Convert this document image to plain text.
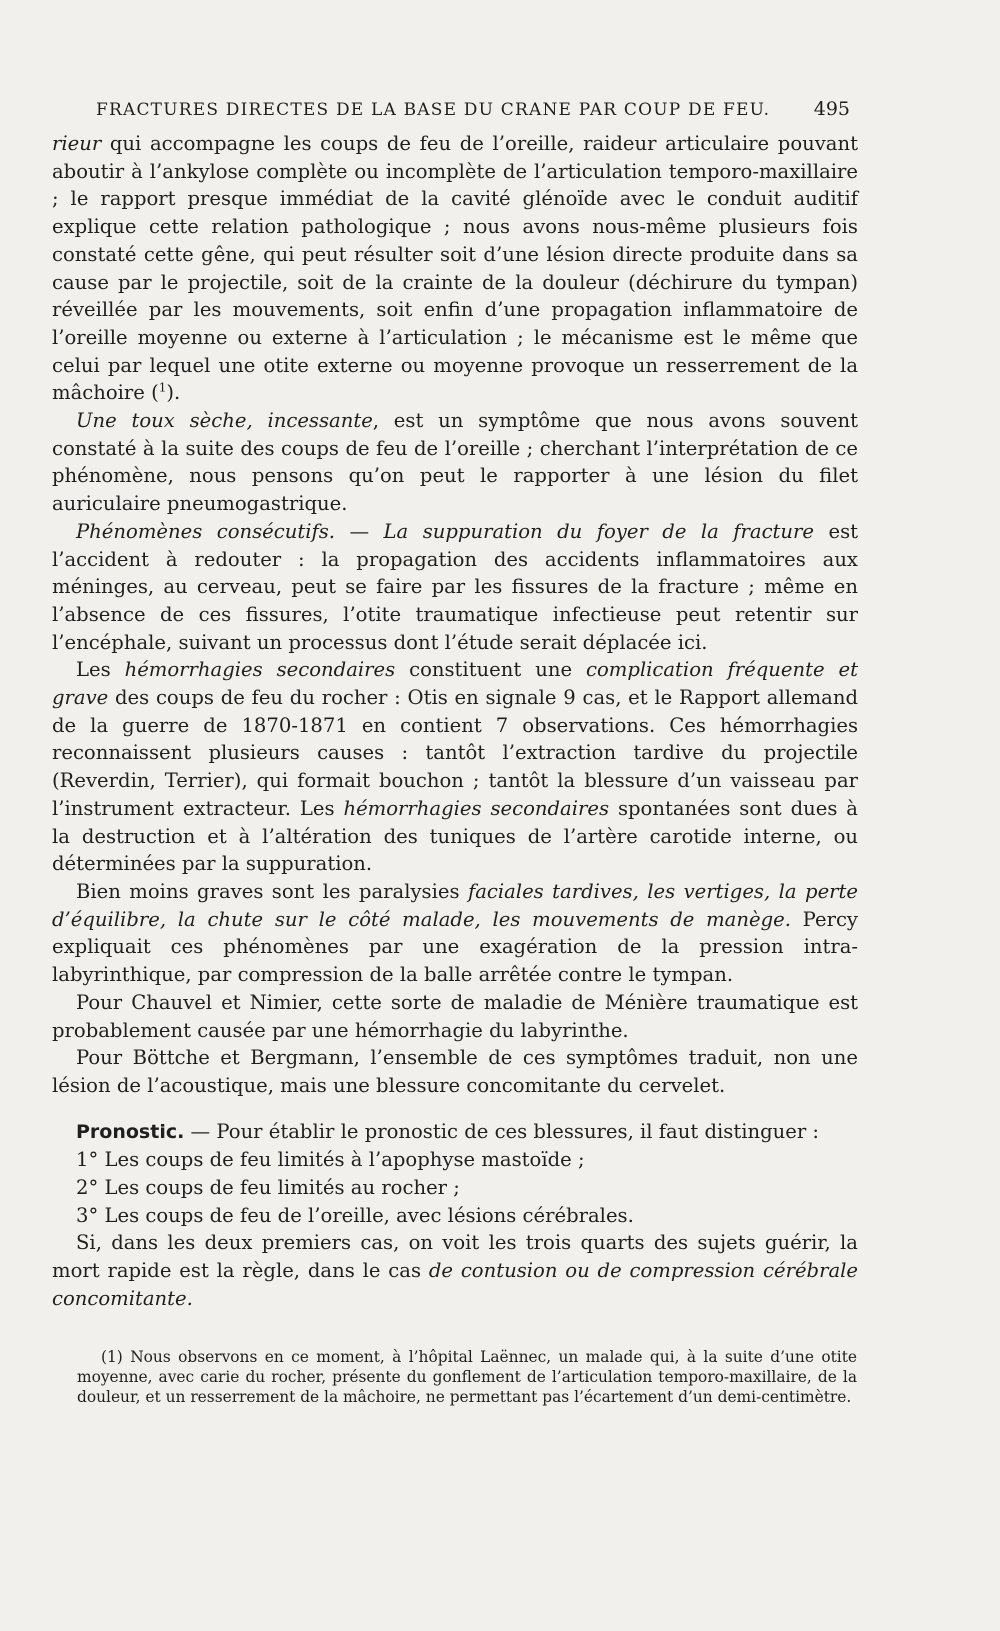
FRACTURES DIRECTES DE LA BASE DU CRANE PAR COUP DE FEU. 495

rieur qui accompagne les coups de feu de l’oreille, raideur articulaire pouvant aboutir à l’ankylose complète ou incomplète de l’articulation temporo-maxillaire ; le rapport presque immédiat de la cavité glénoïde avec le conduit auditif explique cette relation pathologique ; nous avons nous-même plusieurs fois constaté cette gêne, qui peut résulter soit d’une lésion directe produite dans sa cause par le projectile, soit de la crainte de la douleur (déchirure du tympan) réveillée par les mouvements, soit enfin d’une propagation inflammatoire de l’oreille moyenne ou externe à l’articulation ; le mécanisme est le même que celui par lequel une otite externe ou moyenne provoque un resserrement de la mâchoire ($^1$).

Une toux sèche, incessante, est un symptôme que nous avons souvent constaté à la suite des coups de feu de l’oreille ; cherchant l’interprétation de ce phénomène, nous pensons qu’on peut le rapporter à une lésion du filet auriculaire pneumogastrique.

Phénomènes consécutifs. — La suppuration du foyer de la fracture est l’accident à redouter : la propagation des accidents inflammatoires aux méninges, au cerveau, peut se faire par les fissures de la fracture ; même en l’absence de ces fissures, l’otite traumatique infectieuse peut retentir sur l’encéphale, suivant un processus dont l’étude serait déplacée ici.

Les hémorrhagies secondaires constituent une complication fréquente et grave des coups de feu du rocher : Otis en signale 9 cas, et le Rapport allemand de la guerre de 1870-1871 en contient 7 observations. Ces hémorrhagies reconnaissent plusieurs causes : tantôt l’extraction tardive du projectile (Reverdin, Terrier), qui formait bouchon ; tantôt la blessure d’un vaisseau par l’instrument extracteur. Les hémorrhagies secondaires spontanées sont dues à la destruction et à l’altération des tuniques de l’artère carotide interne, ou déterminées par la suppuration.

Bien moins graves sont les paralysies faciales tardives, les vertiges, la perte d’équilibre, la chute sur le côté malade, les mouvements de manège. Percy expliquait ces phénomènes par une exagération de la pression intra-labyrinthique, par compression de la balle arrêtée contre le tympan.

Pour Chauvel et Nimier, cette sorte de maladie de Ménière traumatique est probablement causée par une hémorrhagie du labyrinthe.

Pour Böttche et Bergmann, l’ensemble de ces symptômes traduit, non une lésion de l’acoustique, mais une blessure concomitante du cervelet.

Pronostic. — Pour établir le pronostic de ces blessures, il faut distinguer :

1° Les coups de feu limités à l’apophyse mastoïde ;

2° Les coups de feu limités au rocher ;

3° Les coups de feu de l’oreille, avec lésions cérébrales.

Si, dans les deux premiers cas, on voit les trois quarts des sujets guérir, la mort rapide est la règle, dans le cas de contusion ou de compression cérébrale concomitante.

(1) Nous observons en ce moment, à l’hôpital Laënnec, un malade qui, à la suite d’une otite moyenne, avec carie du rocher, présente du gonflement de l’articulation temporo-maxillaire, de la douleur, et un resserrement de la mâchoire, ne permettant pas l’écartement d’un demi-centimètre.
